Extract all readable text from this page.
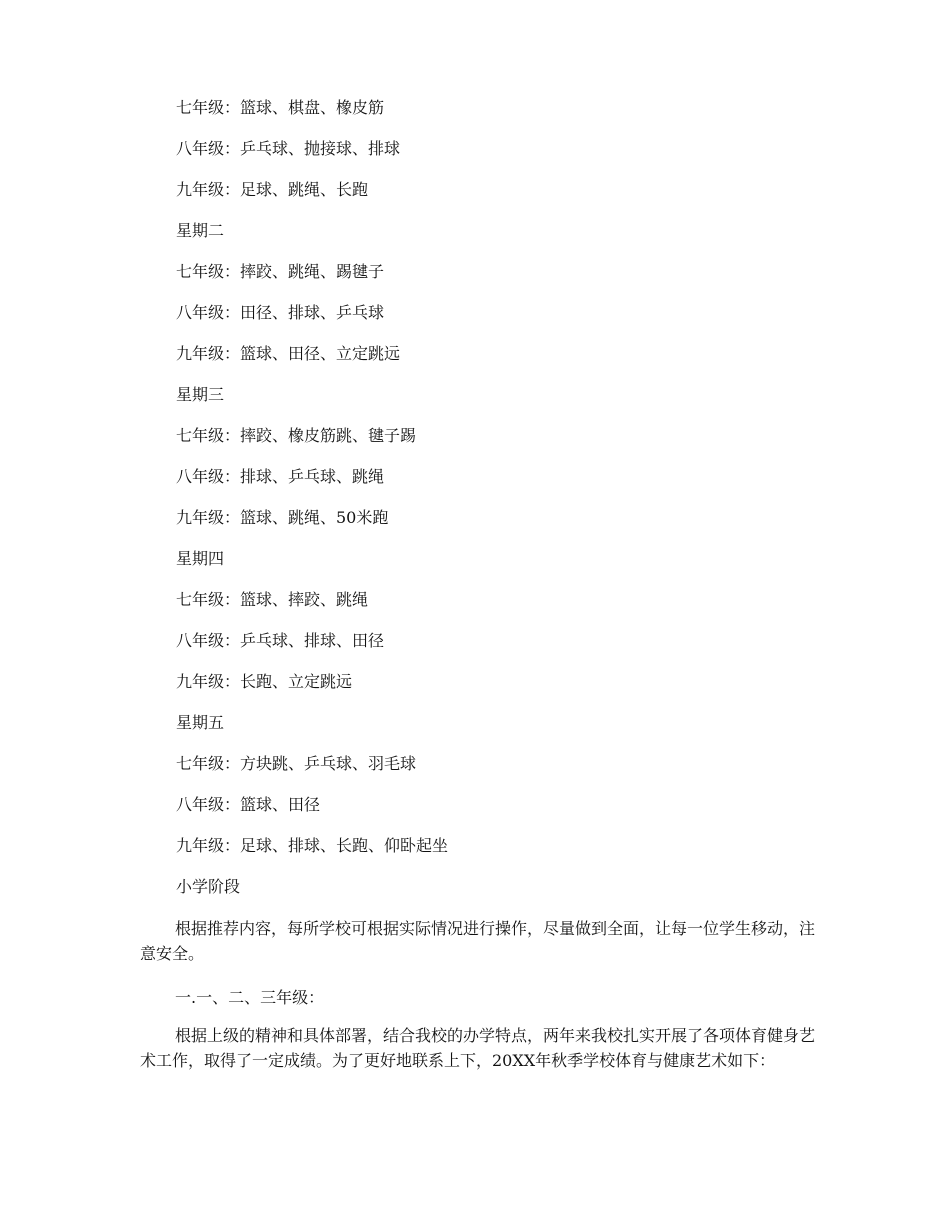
七年级：篮球、棋盘、橡皮筋
八年级：乒乓球、抛接球、排球
九年级：足球、跳绳、长跑
星期二
七年级：摔跤、跳绳、踢毽子
八年级：田径、排球、乒乓球
九年级：篮球、田径、立定跳远
星期三
七年级：摔跤、橡皮筋跳、毽子踢
八年级：排球、乒乓球、跳绳
九年级：篮球、跳绳、50米跑
星期四
七年级：篮球、摔跤、跳绳
八年级：乒乓球、排球、田径
九年级：长跑、立定跳远
星期五
七年级：方块跳、乒乓球、羽毛球
八年级：篮球、田径
九年级：足球、排球、长跑、仰卧起坐
小学阶段
根据推荐内容，每所学校可根据实际情况进行操作，尽量做到全面，让每一位学生移动，注意安全。
一.一、二、三年级：
根据上级的精神和具体部署，结合我校的办学特点，两年来我校扎实开展了各项体育健身艺术工作，取得了一定成绩。为了更好地联系上下，20XX年秋季学校体育与健康艺术如下：
